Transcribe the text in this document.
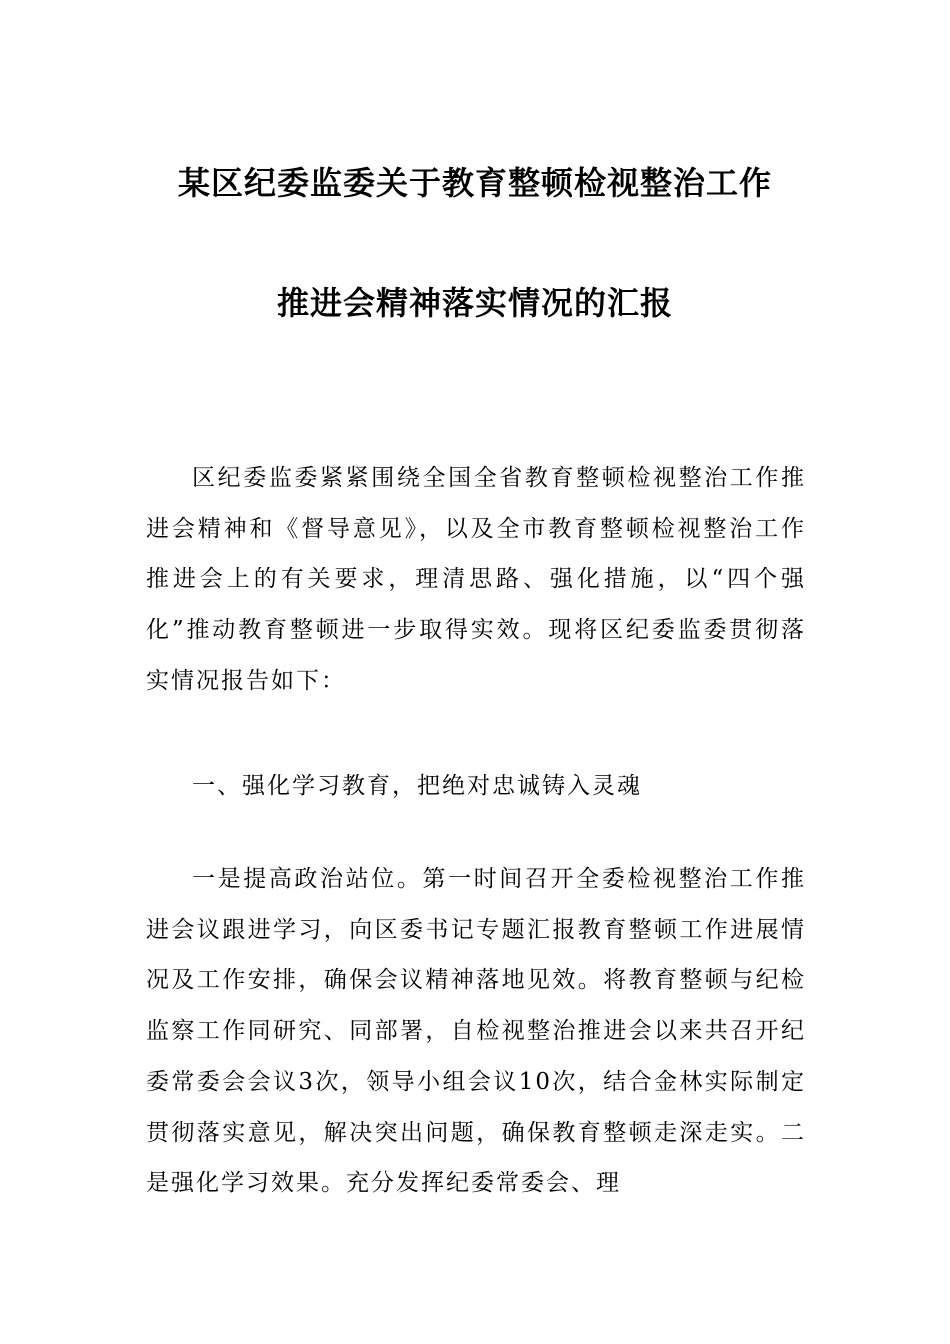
某区纪委监委关于教育整顿检视整治工作
推进会精神落实情况的汇报
区纪委监委紧紧围绕全国全省教育整顿检视整治工作推进会精神和《督导意见》，以及全市教育整顿检视整治工作推进会上的有关要求，理清思路、强化措施，以“四个强化”推动教育整顿进一步取得实效。现将区纪委监委贯彻落实情况报告如下：
一、强化学习教育，把绝对忠诚铸入灵魂
一是提高政治站位。第一时间召开全委检视整治工作推进会议跟进学习，向区委书记专题汇报教育整顿工作进展情况及工作安排，确保会议精神落地见效。将教育整顿与纪检监察工作同研究、同部署，自检视整治推进会以来共召开纪委常委会会议3次，领导小组会议10次，结合金林实际制定贯彻落实意见，解决突出问题，确保教育整顿走深走实。二是强化学习效果。充分发挥纪委常委会、理
